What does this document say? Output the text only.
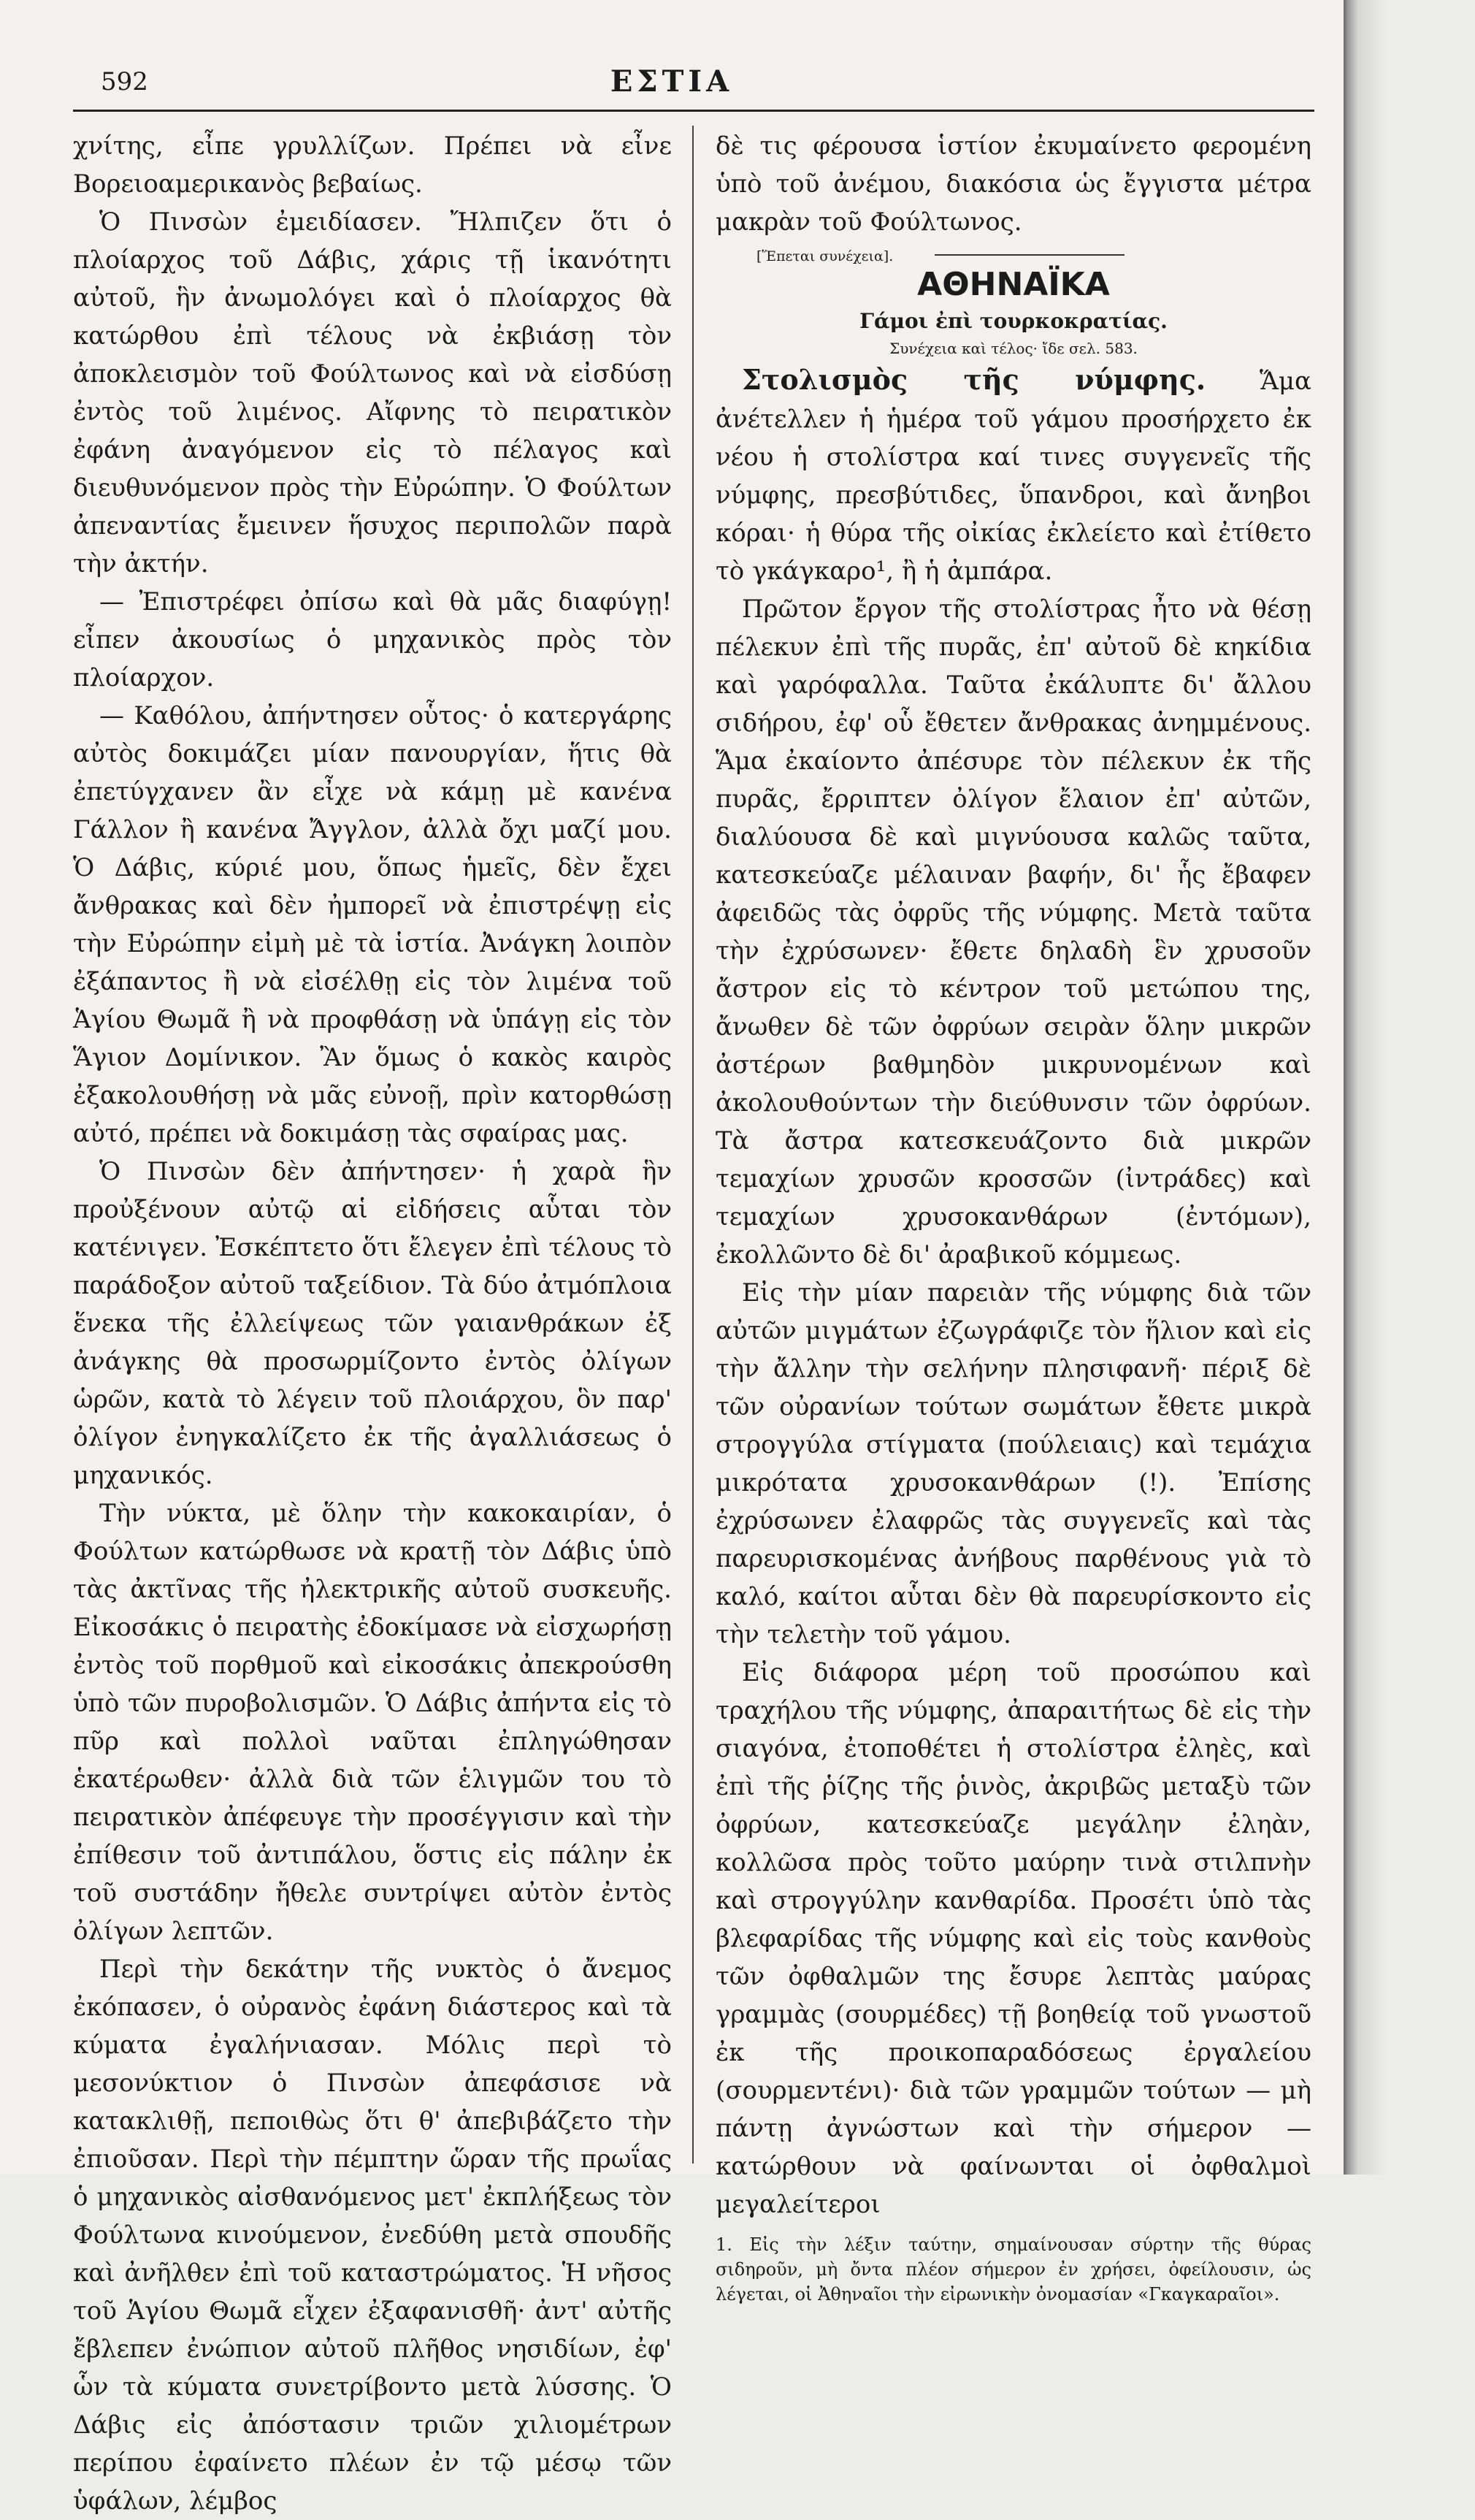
592	ΕΣΤΙΑ

χνίτης, εἶπε γρυλλίζων. Πρέπει νὰ εἶνε Βορειοαμερικανὸς βεβαίως.

Ὁ Πινσὼν ἐμειδίασεν. Ἤλπιζεν ὅτι ὁ πλοίαρχος τοῦ Δάβις, χάρις τῇ ἱκανότητι αὐτοῦ, ἣν ἀνωμολόγει καὶ ὁ πλοίαρχος θὰ κατώρθου ἐπὶ τέλους νὰ ἐκβιάσῃ τὸν ἀποκλεισμὸν τοῦ Φούλτωνος καὶ νὰ εἰσδύσῃ ἐντὸς τοῦ λιμένος. Αἴφνης τὸ πειρατικὸν ἐφάνη ἀναγόμενον εἰς τὸ πέλαγος καὶ διευθυνόμενον πρὸς τὴν Εὐρώπην. Ὁ Φούλτων ἀπεναντίας ἔμεινεν ἥσυχος περιπολῶν παρὰ τὴν ἀκτήν.

— Ἐπιστρέφει ὀπίσω καὶ θὰ μᾶς διαφύγῃ! εἶπεν ἀκουσίως ὁ μηχανικὸς πρὸς τὸν πλοίαρχον.

— Καθόλου, ἀπήντησεν οὗτος· ὁ κατεργάρης αὐτὸς δοκιμάζει μίαν πανουργίαν, ἥτις θὰ ἐπετύγχανεν ἂν εἶχε νὰ κάμῃ μὲ κανένα Γάλλον ἢ κανένα Ἄγγλον, ἀλλὰ ὄχι μαζί μου. Ὁ Δάβις, κύριέ μου, ὅπως ἡμεῖς, δὲν ἔχει ἄνθρακας καὶ δὲν ἠμπορεῖ νὰ ἐπιστρέψῃ εἰς τὴν Εὐρώπην εἰμὴ μὲ τὰ ἱστία. Ἀνάγκη λοιπὸν ἐξάπαντος ἢ νὰ εἰσέλθῃ εἰς τὸν λιμένα τοῦ Ἁγίου Θωμᾶ ἢ νὰ προφθάσῃ νὰ ὑπάγῃ εἰς τὸν Ἅγιον Δομίνικον. Ἂν ὅμως ὁ κακὸς καιρὸς ἐξακολουθήσῃ νὰ μᾶς εὐνοῇ, πρὶν κατορθώσῃ αὐτό, πρέπει νὰ δοκιμάσῃ τὰς σφαίρας μας.

Ὁ Πινσὼν δὲν ἀπήντησεν· ἡ χαρὰ ἣν προὐξένουν αὐτῷ αἱ εἰδήσεις αὗται τὸν κατένιγεν. Ἐσκέπτετο ὅτι ἔλεγεν ἐπὶ τέλους τὸ παράδοξον αὐτοῦ ταξείδιον. Τὰ δύο ἀτμόπλοια ἕνεκα τῆς ἐλλείψεως τῶν γαιανθράκων ἐξ ἀνάγκης θὰ προσωρμίζοντο ἐντὸς ὀλίγων ὡρῶν, κατὰ τὸ λέγειν τοῦ πλοιάρχου, ὃν παρ' ὀλίγον ἐνηγκαλίζετο ἐκ τῆς ἀγαλλιάσεως ὁ μηχανικός.

Τὴν νύκτα, μὲ ὅλην τὴν κακοκαιρίαν, ὁ Φούλτων κατώρθωσε νὰ κρατῇ τὸν Δάβις ὑπὸ τὰς ἀκτῖνας τῆς ἠλεκτρικῆς αὐτοῦ συσκευῆς. Εἰκοσάκις ὁ πειρατὴς ἐδοκίμασε νὰ εἰσχωρήσῃ ἐντὸς τοῦ πορθμοῦ καὶ εἰκοσάκις ἀπεκρούσθη ὑπὸ τῶν πυροβολισμῶν. Ὁ Δάβις ἀπήντα εἰς τὸ πῦρ καὶ πολλοὶ ναῦται ἐπληγώθησαν ἑκατέρωθεν· ἀλλὰ διὰ τῶν ἑλιγμῶν του τὸ πειρατικὸν ἀπέφευγε τὴν προσέγγισιν καὶ τὴν ἐπίθεσιν τοῦ ἀντιπάλου, ὅστις εἰς πάλην ἐκ τοῦ συστάδην ἤθελε συντρίψει αὐτὸν ἐντὸς ὀλίγων λεπτῶν.

Περὶ τὴν δεκάτην τῆς νυκτὸς ὁ ἄνεμος ἐκόπασεν, ὁ οὐρανὸς ἐφάνη διάστερος καὶ τὰ κύματα ἐγαλήνιασαν. Μόλις περὶ τὸ μεσονύκτιον ὁ Πινσὼν ἀπεφάσισε νὰ κατακλιθῇ, πεποιθὼς ὅτι θ' ἀπεβιβάζετο τὴν ἐπιοῦσαν. Περὶ τὴν πέμπτην ὥραν τῆς πρωΐας ὁ μηχανικὸς αἰσθανόμενος μετ' ἐκπλήξεως τὸν Φούλτωνα κινούμενον, ἐνεδύθη μετὰ σπουδῆς καὶ ἀνῆλθεν ἐπὶ τοῦ καταστρώματος. Ἡ νῆσος τοῦ Ἁγίου Θωμᾶ εἶχεν ἐξαφανισθῆ· ἀντ' αὐτῆς ἔβλεπεν ἐνώπιον αὐτοῦ πλῆθος νησιδίων, ἐφ' ὧν τὰ κύματα συνετρίβοντο μετὰ λύσσης. Ὁ Δάβις εἰς ἀπόστασιν τριῶν χιλιομέτρων περίπου ἐφαίνετο πλέων ἐν τῷ μέσῳ τῶν ὑφάλων, λέμβος

δὲ τις φέρουσα ἱστίον ἐκυμαίνετο φερομένη ὑπὸ τοῦ ἀνέμου, διακόσια ὡς ἔγγιστα μέτρα μακρὰν τοῦ Φούλτωνος.

[Ἕπεται συνέχεια].

ΑΘΗΝΑΪΚΑ

Γάμοι ἐπὶ τουρκοκρατίας.

Συνέχεια καὶ τέλος· ἴδε σελ. 583.

Στολισμὸς τῆς νύμφης. Ἅμα ἀνέτελλεν ἡ ἡμέρα τοῦ γάμου προσήρχετο ἐκ νέου ἡ στολίστρα καί τινες συγγενεῖς τῆς νύμφης, πρεσβύτιδες, ὕπανδροι, καὶ ἄνηβοι κόραι· ἡ θύρα τῆς οἰκίας ἐκλείετο καὶ ἐτίθετο τὸ γκάγκαρο¹, ἢ ἡ ἀμπάρα.

Πρῶτον ἔργον τῆς στολίστρας ἦτο νὰ θέσῃ πέλεκυν ἐπὶ τῆς πυρᾶς, ἐπ' αὐτοῦ δὲ κηκίδια καὶ γαρόφαλλα. Ταῦτα ἐκάλυπτε δι' ἄλλου σιδήρου, ἐφ' οὗ ἔθετεν ἄνθρακας ἀνημμένους. Ἅμα ἐκαίοντο ἀπέσυρε τὸν πέλεκυν ἐκ τῆς πυρᾶς, ἔρριπτεν ὀλίγον ἔλαιον ἐπ' αὐτῶν, διαλύουσα δὲ καὶ μιγνύουσα καλῶς ταῦτα, κατεσκεύαζε μέλαιναν βαφήν, δι' ἧς ἔβαφεν ἀφειδῶς τὰς ὀφρῦς τῆς νύμφης. Μετὰ ταῦτα τὴν ἐχρύσωνεν· ἔθετε δηλαδὴ ἓν χρυσοῦν ἄστρον εἰς τὸ κέντρον τοῦ μετώπου της, ἄνωθεν δὲ τῶν ὀφρύων σειρὰν ὅλην μικρῶν ἀστέρων βαθμηδὸν μικρυνομένων καὶ ἀκολουθούντων τὴν διεύθυνσιν τῶν ὀφρύων. Τὰ ἄστρα κατεσκευάζοντο διὰ μικρῶν τεμαχίων χρυσῶν κροσσῶν (ἰντράδες) καὶ τεμαχίων χρυσοκανθάρων (ἐντόμων), ἐκολλῶντο δὲ δι' ἀραβικοῦ κόμμεως.

Εἰς τὴν μίαν παρειὰν τῆς νύμφης διὰ τῶν αὐτῶν μιγμάτων ἐζωγράφιζε τὸν ἥλιον καὶ εἰς τὴν ἄλλην τὴν σελήνην πλησιφανῆ· πέριξ δὲ τῶν οὐρανίων τούτων σωμάτων ἔθετε μικρὰ στρογγύλα στίγματα (πούλειαις) καὶ τεμάχια μικρότατα χρυσοκανθάρων (!). Ἐπίσης ἐχρύσωνεν ἐλαφρῶς τὰς συγγενεῖς καὶ τὰς παρευρισκομένας ἀνήβους παρθένους γιὰ τὸ καλό, καίτοι αὗται δὲν θὰ παρευρίσκοντο εἰς τὴν τελετὴν τοῦ γάμου.

Εἰς διάφορα μέρη τοῦ προσώπου καὶ τραχήλου τῆς νύμφης, ἀπαραιτήτως δὲ εἰς τὴν σιαγόνα, ἐτοποθέτει ἡ στολίστρα ἐληὲς, καὶ ἐπὶ τῆς ῥίζης τῆς ῥινὸς, ἀκριβῶς μεταξὺ τῶν ὀφρύων, κατεσκεύαζε μεγάλην ἐληὰν, κολλῶσα πρὸς τοῦτο μαύρην τινὰ στιλπνὴν καὶ στρογγύλην κανθαρίδα. Προσέτι ὑπὸ τὰς βλεφαρίδας τῆς νύμφης καὶ εἰς τοὺς κανθοὺς τῶν ὀφθαλμῶν της ἔσυρε λεπτὰς μαύρας γραμμὰς (σουρμέδες) τῇ βοηθείᾳ τοῦ γνωστοῦ ἐκ τῆς προικοπαραδόσεως ἐργαλείου (σουρμεντένι)· διὰ τῶν γραμμῶν τούτων — μὴ πάντῃ ἀγνώστων καὶ τὴν σήμερον — κατώρθουν νὰ φαίνωνται οἱ ὀφθαλμοὶ μεγαλείτεροι

1. Εἰς τὴν λέξιν ταύτην, σημαίνουσαν σύρτην τῆς θύρας σιδηροῦν, μὴ ὄντα πλέον σήμερον ἐν χρήσει, ὀφείλουσιν, ὡς λέγεται, οἱ Ἀθηναῖοι τὴν εἰρωνικὴν ὀνομασίαν «Γκαγκαραῖοι».
